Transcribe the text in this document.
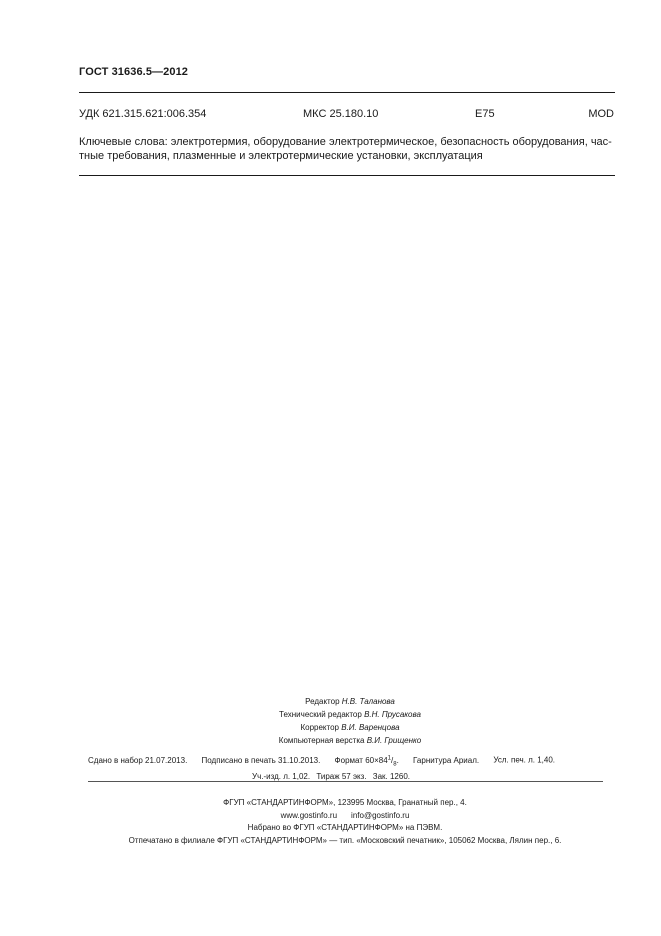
ГОСТ 31636.5—2012
УДК 621.315.621:006.354	МКС 25.180.10	Е75	MOD
Ключевые слова: электротермия, оборудование электротермическое, безопасность оборудования, час-
тные требования, плазменные и электротермические установки, эксплуатация
Редактор Н.В. Таланова
Технический редактор В.Н. Прусакова
Корректор В.И. Варенцова
Компьютерная верстка В.И. Грищенко
Сдано в набор 21.07.2013. Подписано в печать 31.10.2013. Формат $60\times 84^1/_8$. Гарнитура Ариал. Усл. печ. л. 1,40.
Уч.-изд. л. 1,02. Тираж 57 экз. Зак. 1260.
ФГУП «СТАНДАРТИНФОРМ», 123995 Москва, Гранатный пер., 4.
www.gostinfo.ru info@gostinfo.ru
Набрано во ФГУП «СТАНДАРТИНФОРМ» на ПЭВМ.
Отпечатано в филиале ФГУП «СТАНДАРТИНФОРМ» — тип. «Московский печатник», 105062 Москва, Лялин пер., 6.
